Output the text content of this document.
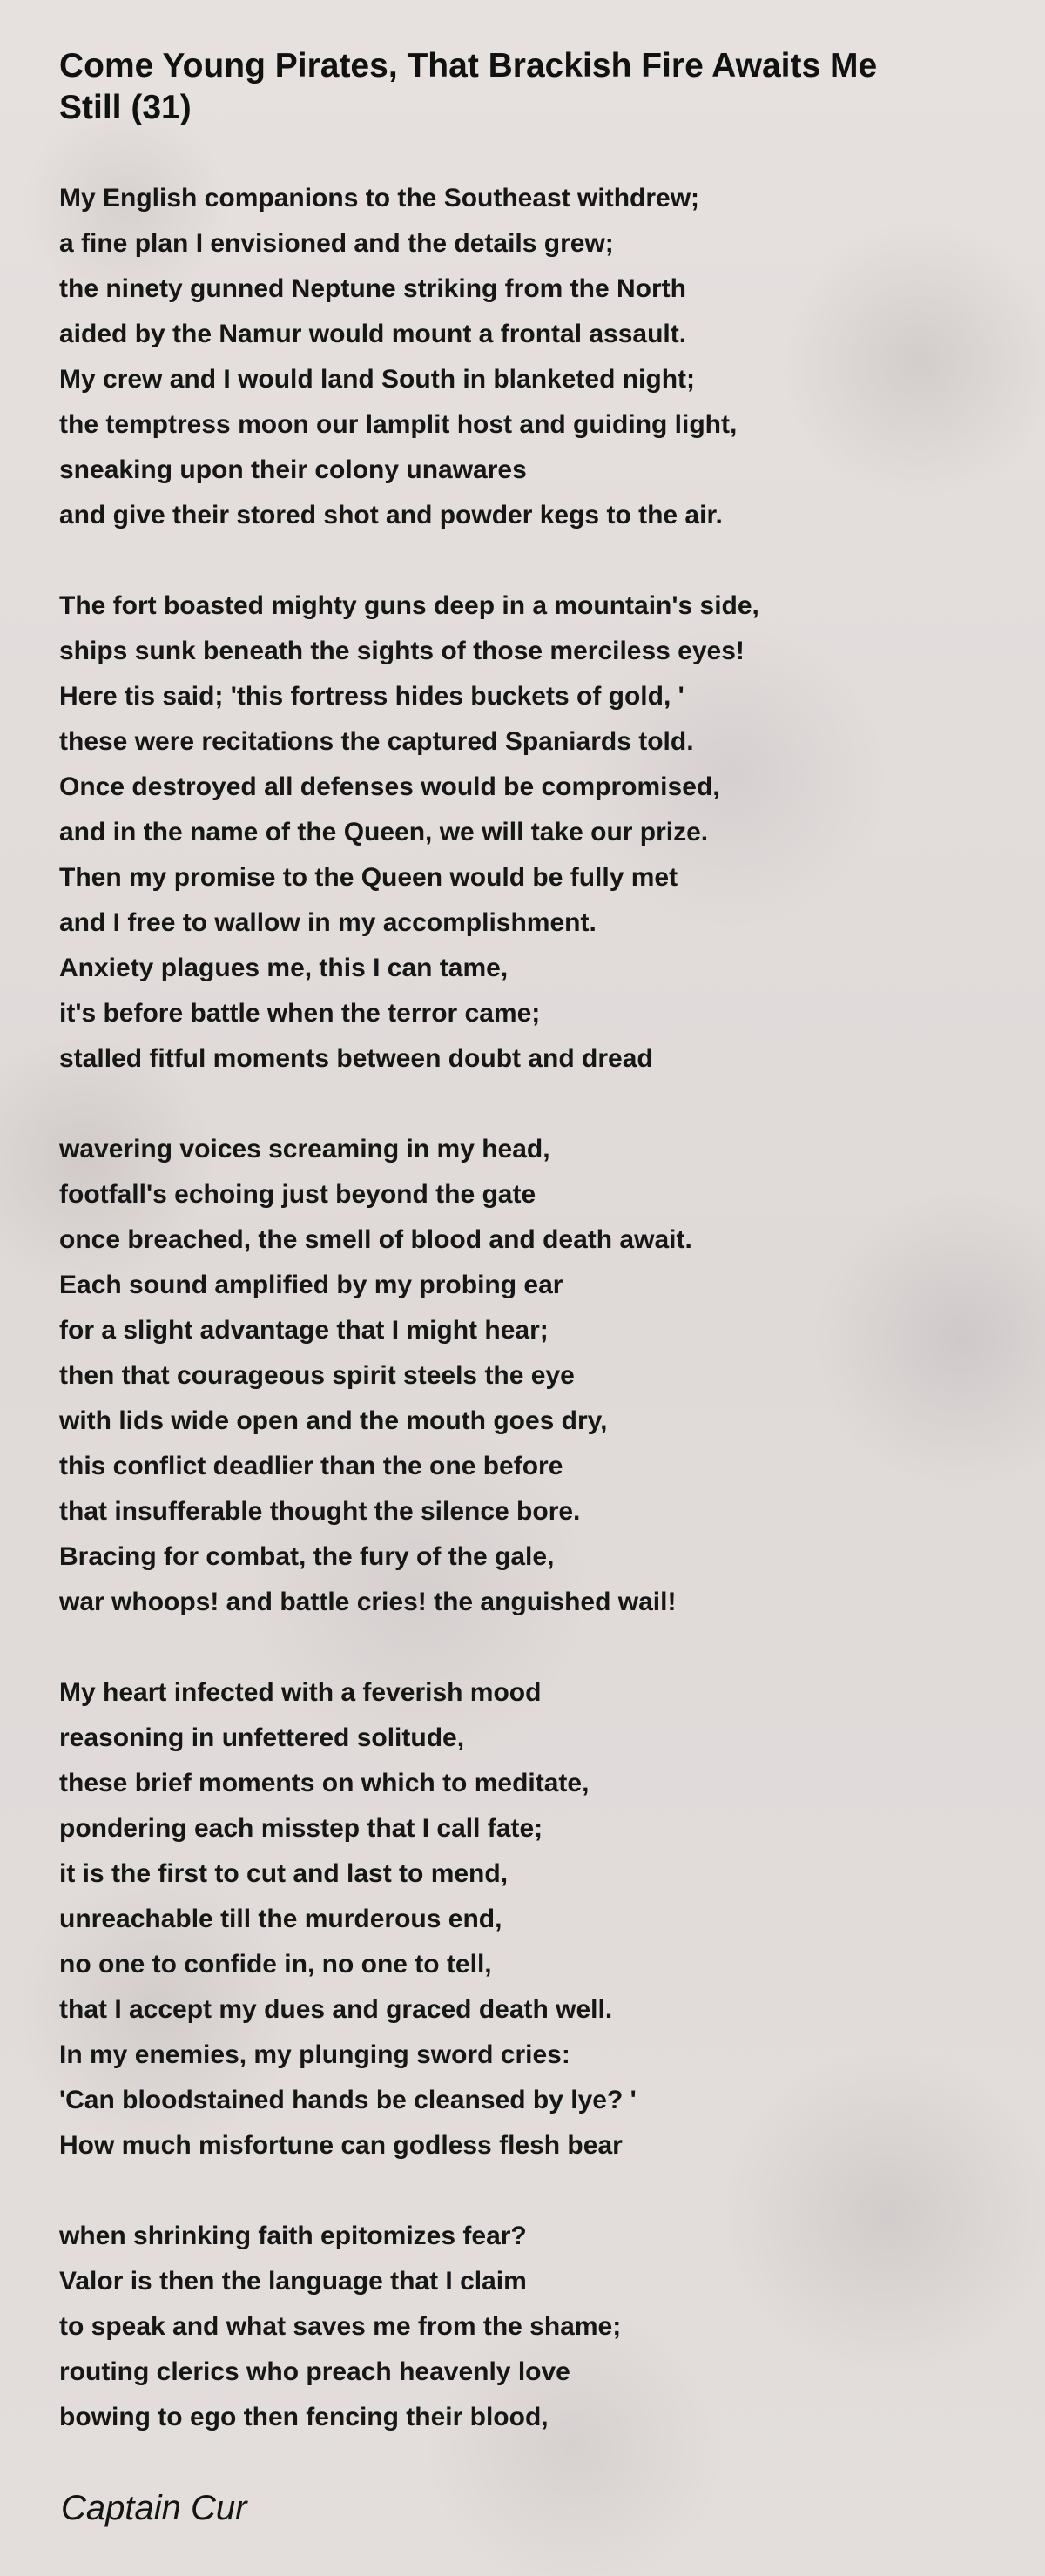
Come Young Pirates, That Brackish Fire Awaits Me Still (31)
My English companions to the Southeast withdrew;
a fine plan I envisioned and the details grew;
the ninety gunned Neptune striking from the North
aided by the Namur would mount a frontal assault.
My crew and I would land South in blanketed night;
the temptress moon our lamplit host and guiding light,
sneaking upon their colony unawares
and give their stored shot and powder kegs to the air.
The fort boasted mighty guns deep in a mountain's side,
ships sunk beneath the sights of those merciless eyes!
Here tis said; 'this fortress hides buckets of gold, '
these were recitations the captured Spaniards told.
Once destroyed all defenses would be compromised,
and in the name of the Queen, we will take our prize.
Then my promise to the Queen would be fully met
and I free to wallow in my accomplishment.
Anxiety plagues me, this I can tame,
it's before battle when the terror came;
stalled fitful moments between doubt and dread
wavering voices screaming in my head,
footfall's echoing just beyond the gate
once breached, the smell of blood and death await.
Each sound amplified by my probing ear
for a slight advantage that I might hear;
then that courageous spirit steels the eye
with lids wide open and the mouth goes dry,
this conflict deadlier than the one before
that insufferable thought the silence bore.
Bracing for combat, the fury of the gale,
war whoops! and battle cries! the anguished wail!
My heart infected with a feverish mood
reasoning in unfettered solitude,
these brief moments on which to meditate,
pondering each misstep that I call fate;
it is the first to cut and last to mend,
unreachable till the murderous end,
no one to confide in, no one to tell,
that I accept my dues and graced death well.
In my enemies, my plunging sword cries:
'Can bloodstained hands be cleansed by lye? '
How much misfortune can godless flesh bear
when shrinking faith epitomizes fear?
Valor is then the language that I claim
to speak and what saves me from the shame;
routing clerics who preach heavenly love
bowing to ego then fencing their blood,
Captain Cur
